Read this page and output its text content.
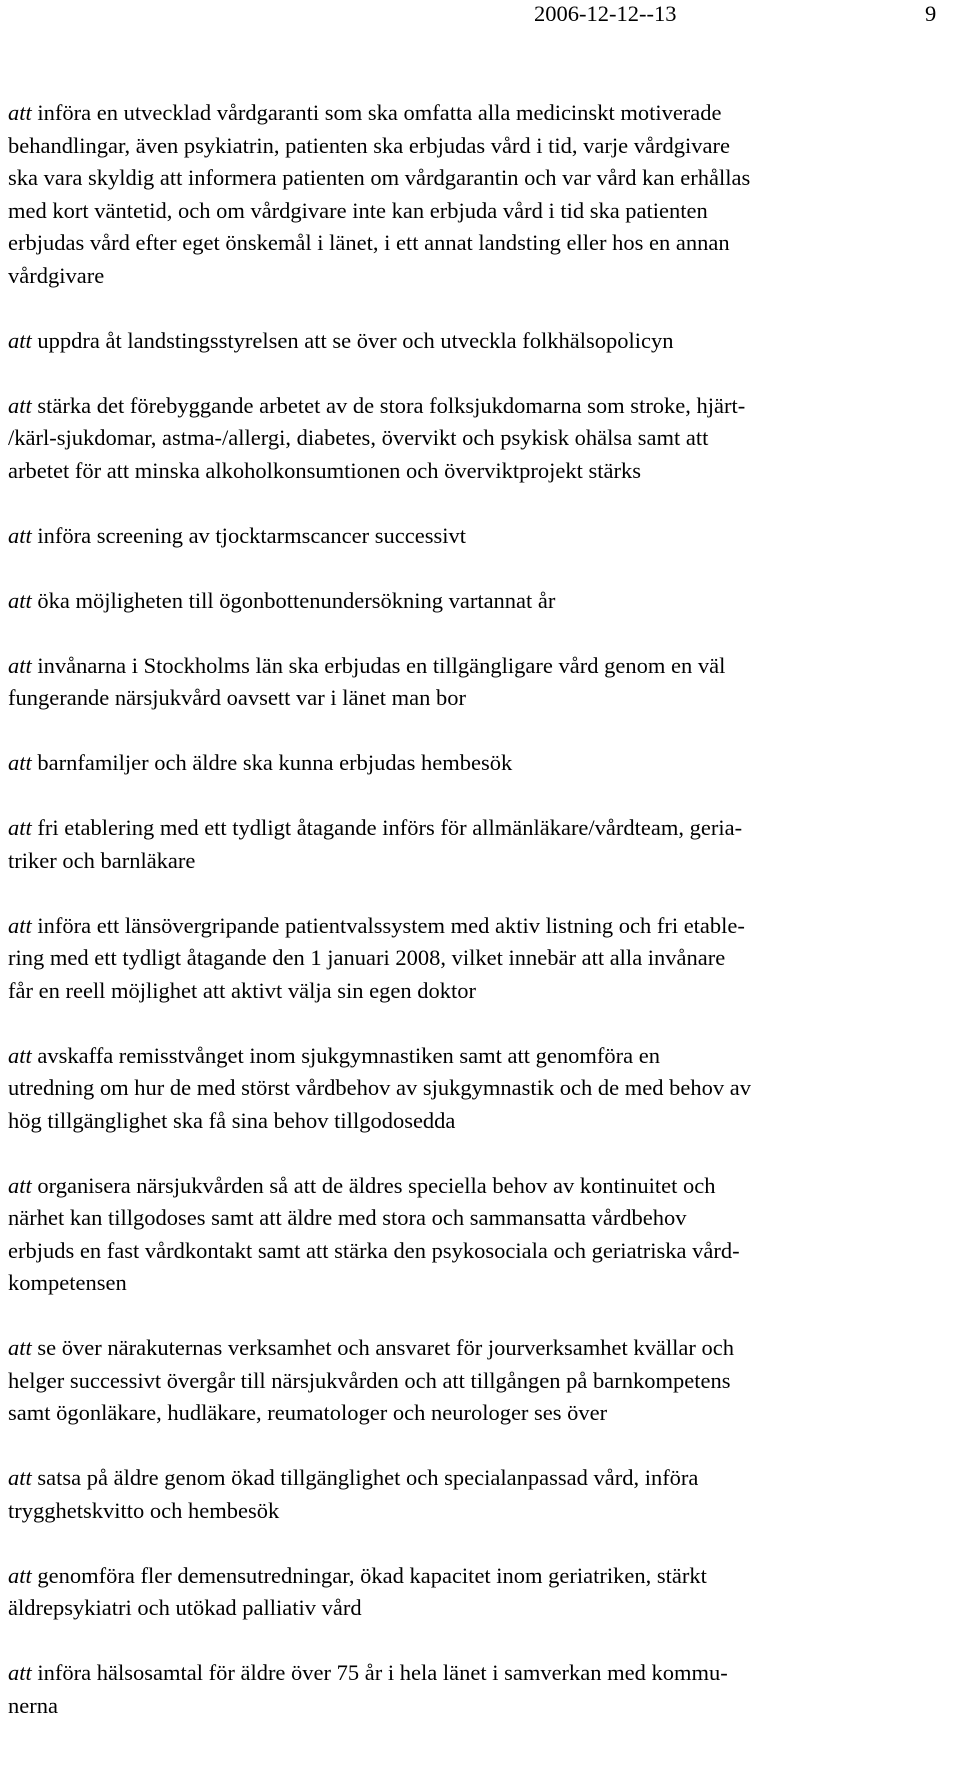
2006-12-12--13	9
att införa en utvecklad vårdgaranti som ska omfatta alla medicinskt motiverade
behandlingar, även psykiatrin, patienten ska erbjudas vård i tid, varje vårdgivare
ska vara skyldig att informera patienten om vårdgarantin och var vård kan erhållas
med kort väntetid, och om vårdgivare inte kan erbjuda vård i tid ska patienten
erbjudas vård efter eget önskemål i länet, i ett annat landsting eller hos en annan
vårdgivare
att uppdra åt landstingsstyrelsen att se över och utveckla folkhälsopolicyn
att stärka det förebyggande arbetet av de stora folksjukdomarna som stroke, hjärt-
/kärl-sjukdomar, astma-/allergi, diabetes, övervikt och psykisk ohälsa samt att
arbetet för att minska alkoholkonsumtionen och överviktprojekt stärks
att införa screening av tjocktarmscancer successivt
att öka möjligheten till ögonbottenundersökning vartannat år
att invånarna i Stockholms län ska erbjudas en tillgängligare vård genom en väl
fungerande närsjukvård oavsett var i länet man bor
att barnfamiljer och äldre ska kunna erbjudas hembesök
att fri etablering med ett tydligt åtagande införs för allmänläkare/vårdteam, geria-
triker och barnläkare
att införa ett länsövergripande patientvalssystem med aktiv listning och fri etable-
ring med ett tydligt åtagande den 1 januari 2008, vilket innebär att alla invånare
får en reell möjlighet att aktivt välja sin egen doktor
att avskaffa remisstvånget inom sjukgymnastiken samt att genomföra en
utredning om hur de med störst vårdbehov av sjukgymnastik och de med behov av
hög tillgänglighet ska få sina behov tillgodosedda
att organisera närsjukvården så att de äldres speciella behov av kontinuitet och
närhet kan tillgodoses samt att äldre med stora och sammansatta vårdbehov
erbjuds en fast vårdkontakt samt att stärka den psykosociala och geriatriska vård-
kompetensen
att se över närakuternas verksamhet och ansvaret för jourverksamhet kvällar och
helger successivt övergår till närsjukvården och att tillgången på barnkompetens
samt ögonläkare, hudläkare, reumatologer och neurologer ses över
att satsa på äldre genom ökad tillgänglighet och specialanpassad vård, införa
trygghetskvitto och hembesök
att genomföra fler demensutredningar, ökad kapacitet inom geriatriken, stärkt
äldrepsykiatri och utökad palliativ vård
att införa hälsosamtal för äldre över 75 år i hela länet i samverkan med kommu-
nerna
